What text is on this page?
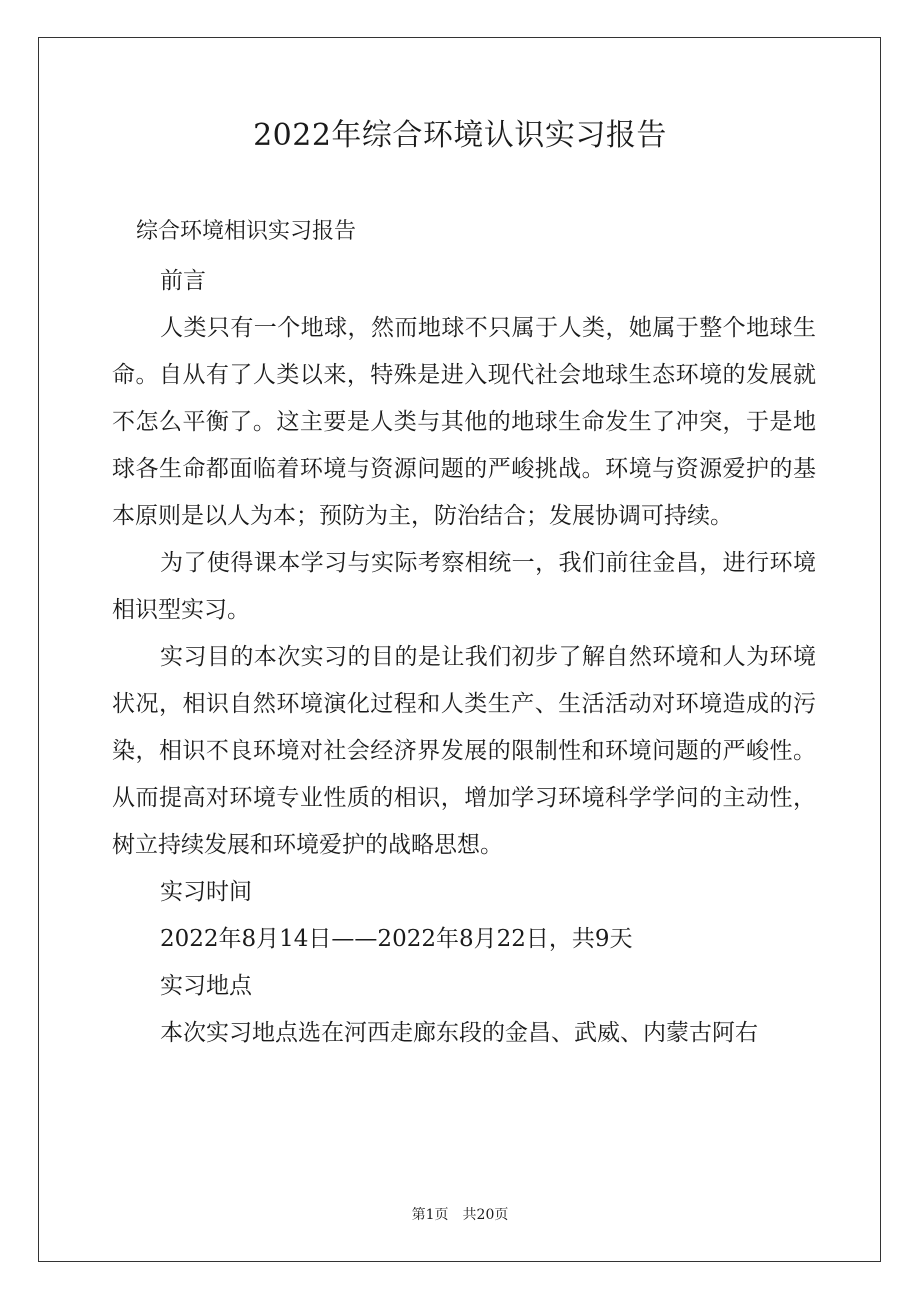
2022年综合环境认识实习报告
综合环境相识实习报告

前言

人类只有一个地球，然而地球不只属于人类，她属于整个地球生命。自从有了人类以来，特殊是进入现代社会地球生态环境的发展就不怎么平衡了。这主要是人类与其他的地球生命发生了冲突，于是地球各生命都面临着环境与资源问题的严峻挑战。环境与资源爱护的基本原则是以人为本；预防为主，防治结合；发展协调可持续。

为了使得课本学习与实际考察相统一，我们前往金昌，进行环境相识型实习。

实习目的本次实习的目的是让我们初步了解自然环境和人为环境状况，相识自然环境演化过程和人类生产、生活活动对环境造成的污染，相识不良环境对社会经济界发展的限制性和环境问题的严峻性。从而提高对环境专业性质的相识，增加学习环境科学学问的主动性，树立持续发展和环境爱护的战略思想。

实习时间

2022年8月14日——2022年8月22日，共9天

实习地点

本次实习地点选在河西走廊东段的金昌、武威、内蒙古阿右

第1页 共20页
